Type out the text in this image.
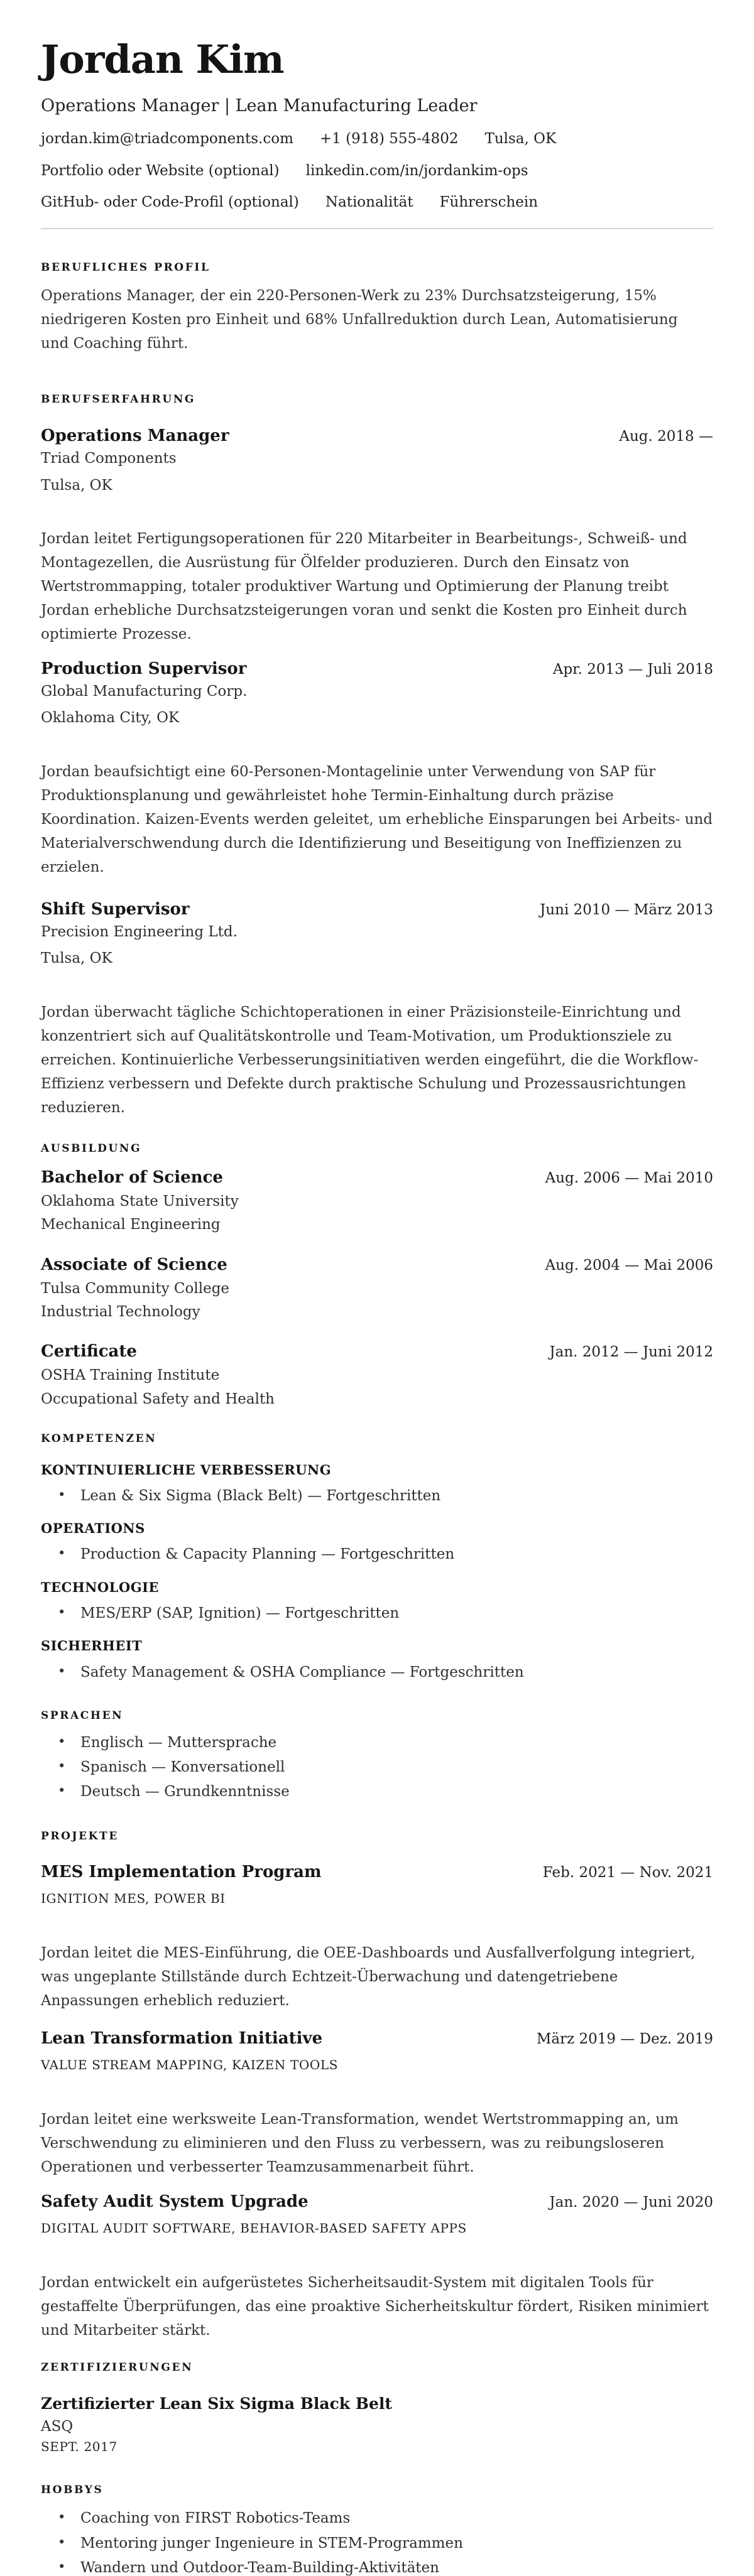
Jordan Kim
Operations Manager | Lean Manufacturing Leader
jordan.kim@triadcomponents.com +1 (918) 555-4802 Tulsa, OK
Portfolio oder Website (optional) linkedin.com/in/jordankim-ops
GitHub- oder Code-Profil (optional) Nationalität Führerschein
BERUFLICHES PROFIL

Operations Manager, der ein 220-Personen-Werk zu 23% Durchsatzsteigerung, 15% niedrigeren Kosten pro Einheit und 68% Unfallreduktion durch Lean, Automatisierung und Coaching führt.

BERUFSERFAHRUNG
Operations Manager	Aug. 2018 —
Triad Components
Tulsa, OK

Jordan leitet Fertigungsoperationen für 220 Mitarbeiter in Bearbeitungs-, Schweiß- und Montagezellen, die Ausrüstung für Ölfelder produzieren. Durch den Einsatz von Wertstrommapping, totaler produktiver Wartung und Optimierung der Planung treibt Jordan erhebliche Durchsatzsteigerungen voran und senkt die Kosten pro Einheit durch optimierte Prozesse.

Production Supervisor	Apr. 2013 — Juli 2018
Global Manufacturing Corp.
Oklahoma City, OK

Jordan beaufsichtigt eine 60-Personen-Montagelinie unter Verwendung von SAP für Produktionsplanung und gewährleistet hohe Termin-Einhaltung durch präzise Koordination. Kaizen-Events werden geleitet, um erhebliche Einsparungen bei Arbeits- und Materialverschwendung durch die Identifizierung und Beseitigung von Ineffizienzen zu erzielen.

Shift Supervisor	Juni 2010 — März 2013
Precision Engineering Ltd.
Tulsa, OK

Jordan überwacht tägliche Schichtoperationen in einer Präzisionsteile-Einrichtung und konzentriert sich auf Qualitätskontrolle und Team-Motivation, um Produktionsziele zu erreichen. Kontinuierliche Verbesserungsinitiativen werden eingeführt, die die Workflow-Effizienz verbessern und Defekte durch praktische Schulung und Prozessausrichtungen reduzieren.

AUSBILDUNG
Bachelor of Science	Aug. 2006 — Mai 2010
Oklahoma State University
Mechanical Engineering
Associate of Science	Aug. 2004 — Mai 2006
Tulsa Community College
Industrial Technology
Certificate	Jan. 2012 — Juni 2012
OSHA Training Institute
Occupational Safety and Health
KOMPETENZEN
KONTINUIERLICHE VERBESSERUNG
• Lean & Six Sigma (Black Belt) — Fortgeschritten
OPERATIONS
• Production & Capacity Planning — Fortgeschritten
TECHNOLOGIE
• MES/ERP (SAP, Ignition) — Fortgeschritten
SICHERHEIT
• Safety Management & OSHA Compliance — Fortgeschritten
SPRACHEN
• Englisch — Muttersprache
• Spanisch — Konversationell
• Deutsch — Grundkenntnisse
PROJEKTE
MES Implementation Program	Feb. 2021 — Nov. 2021
IGNITION MES, POWER BI

Jordan leitet die MES-Einführung, die OEE-Dashboards und Ausfallverfolgung integriert, was ungeplante Stillstände durch Echtzeit-Überwachung und datengetriebene Anpassungen erheblich reduziert.

Lean Transformation Initiative	März 2019 — Dez. 2019
VALUE STREAM MAPPING, KAIZEN TOOLS

Jordan leitet eine werksweite Lean-Transformation, wendet Wertstrommapping an, um Verschwendung zu eliminieren und den Fluss zu verbessern, was zu reibungsloseren Operationen und verbesserter Teamzusammenarbeit führt.

Safety Audit System Upgrade	Jan. 2020 — Juni 2020
DIGITAL AUDIT SOFTWARE, BEHAVIOR-BASED SAFETY APPS

Jordan entwickelt ein aufgerüstetes Sicherheitsaudit-System mit digitalen Tools für gestaffelte Überprüfungen, das eine proaktive Sicherheitskultur fördert, Risiken minimiert und Mitarbeiter stärkt.

ZERTIFIZIERUNGEN
Zertifizierter Lean Six Sigma Black Belt
ASQ
SEPT. 2017
HOBBYS
• Coaching von FIRST Robotics-Teams
• Mentoring junger Ingenieure in STEM-Programmen
• Wandern und Outdoor-Team-Building-Aktivitäten
